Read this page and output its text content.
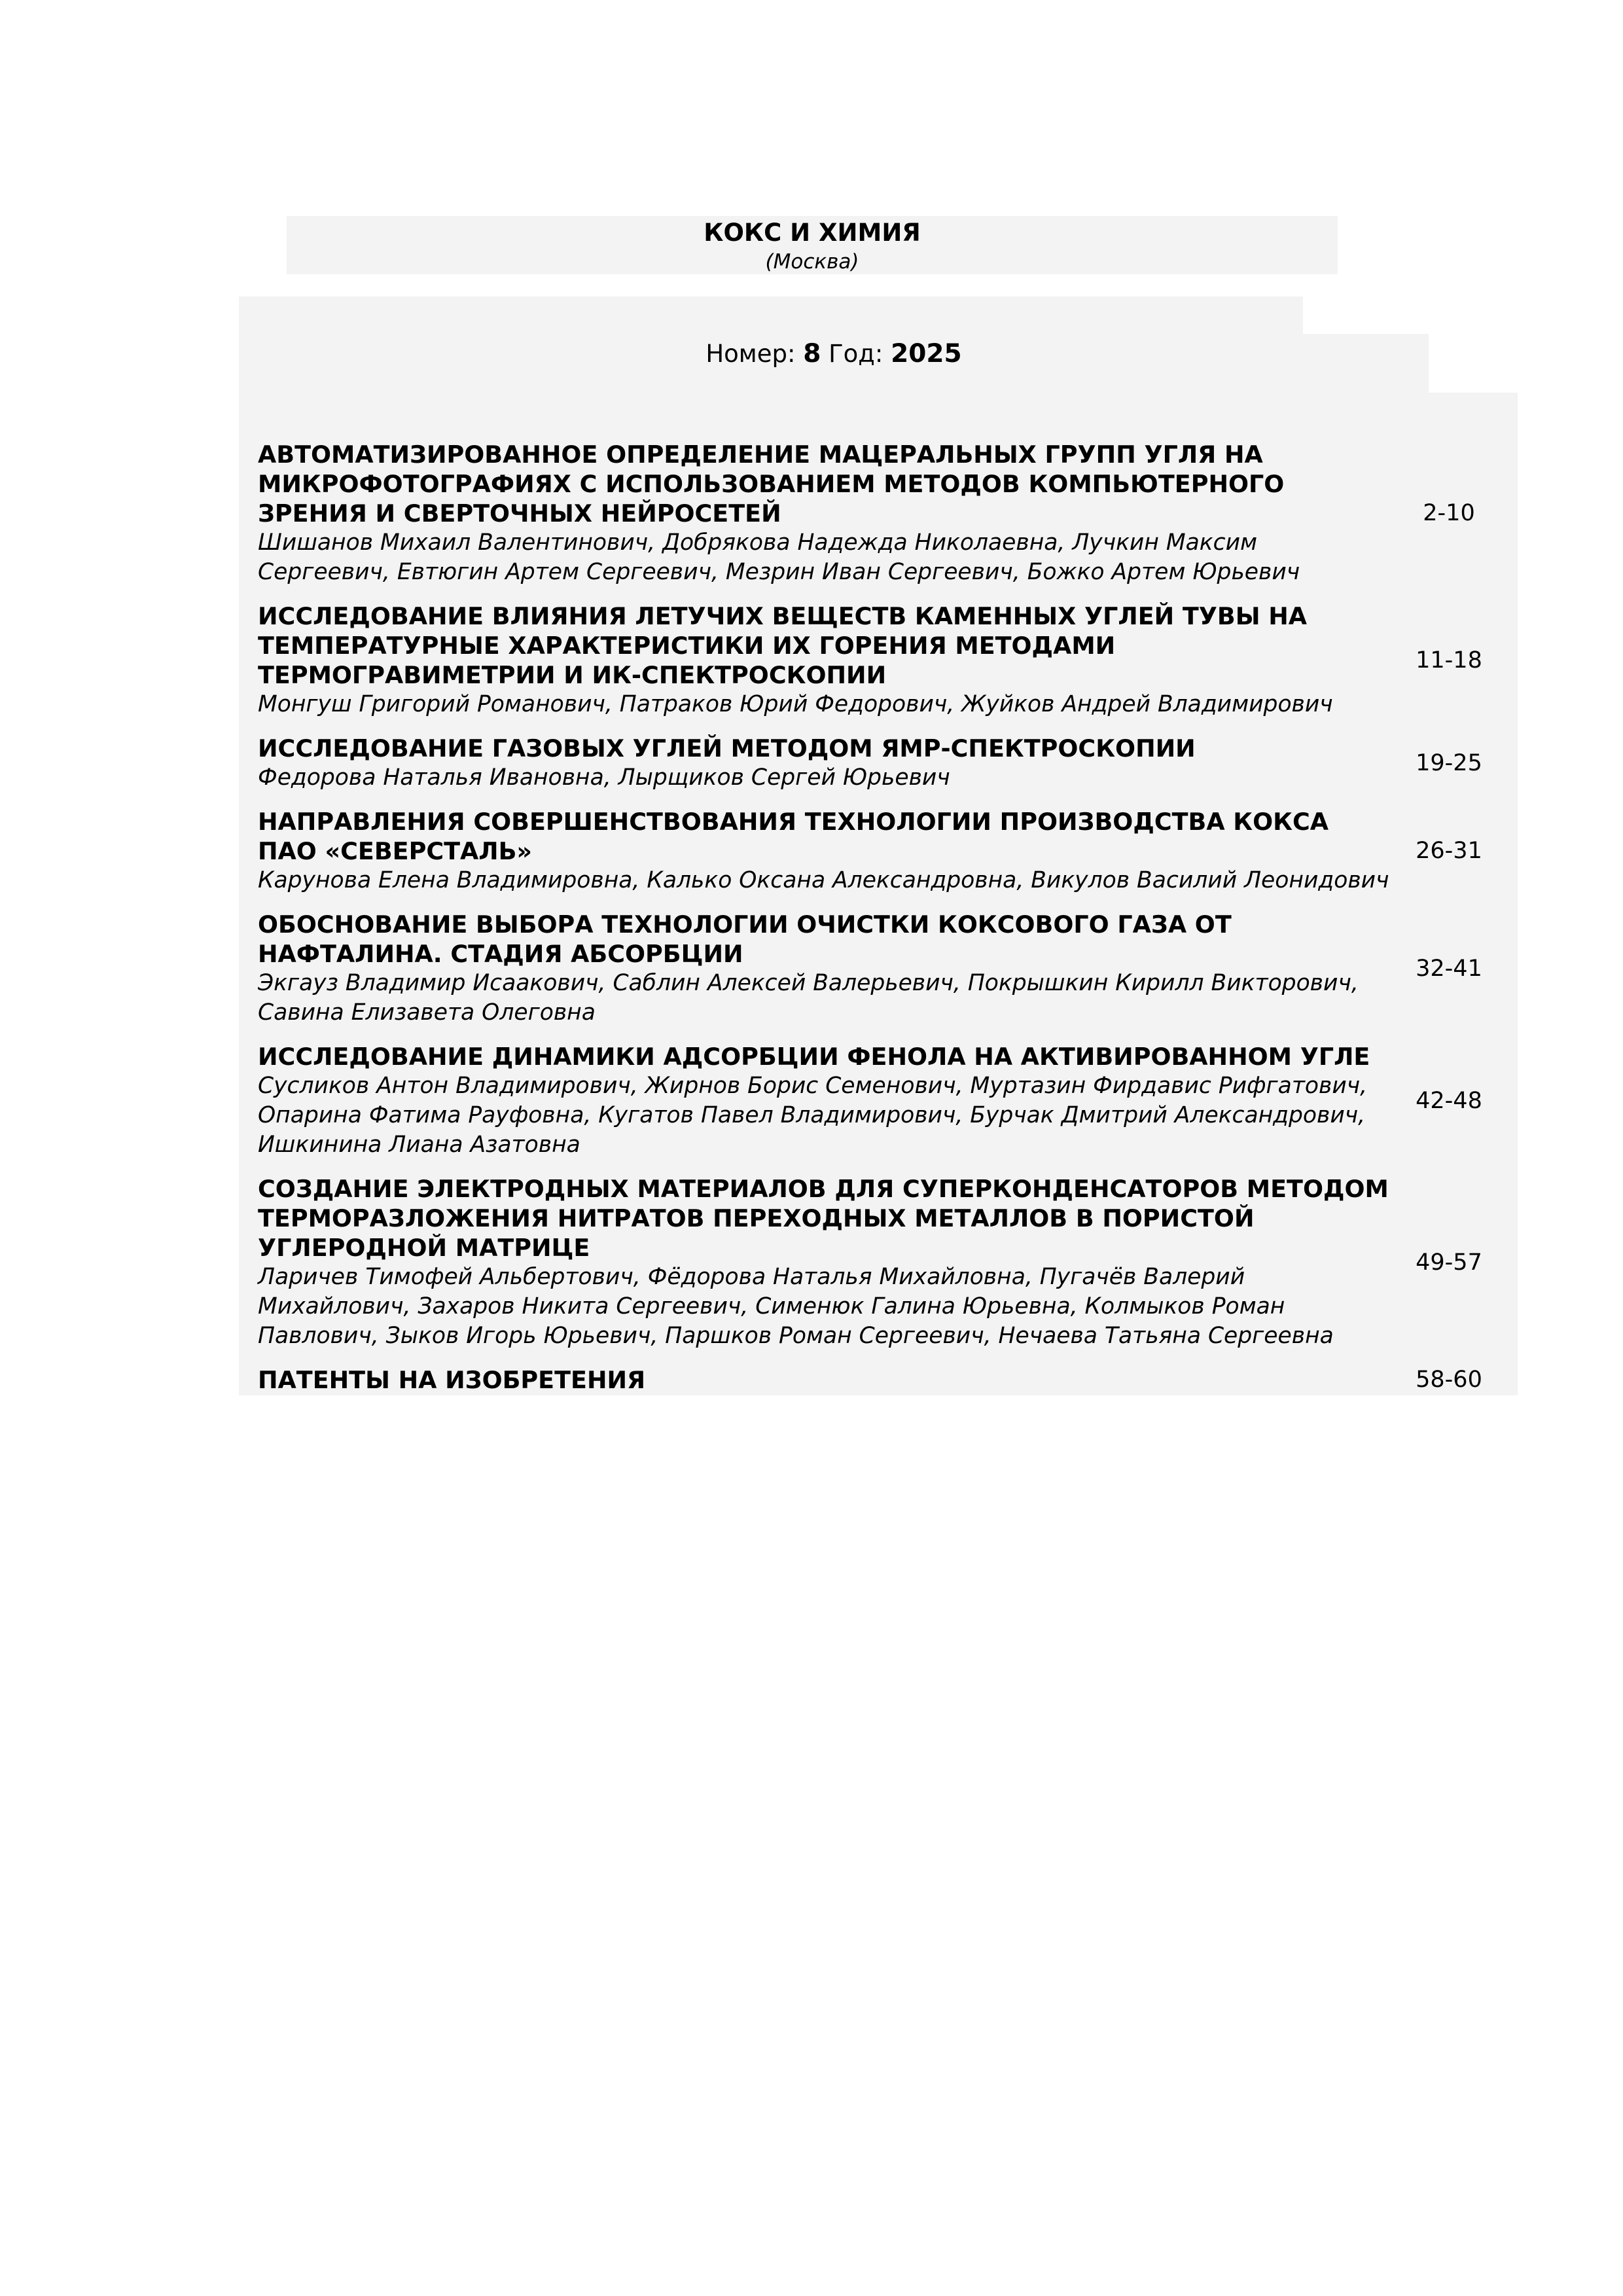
КОКС И ХИМИЯ
(Москва)
Номер: 8 Год: 2025
АВТОМАТИЗИРОВАННОЕ ОПРЕДЕЛЕНИЕ МАЦЕРАЛЬНЫХ ГРУПП УГЛЯ НА МИКРОФОТОГРАФИЯХ С ИСПОЛЬЗОВАНИЕМ МЕТОДОВ КОМПЬЮТЕРНОГО ЗРЕНИЯ И СВЕРТОЧНЫХ НЕЙРОСЕТЕЙ
Шишанов Михаил Валентинович, Добрякова Надежда Николаевна, Лучкин Максим Сергеевич, Евтюгин Артем Сергеевич, Мезрин Иван Сергеевич, Божко Артем Юрьевич
2-10
ИССЛЕДОВАНИЕ ВЛИЯНИЯ ЛЕТУЧИХ ВЕЩЕСТВ КАМЕННЫХ УГЛЕЙ ТУВЫ НА ТЕМПЕРАТУРНЫЕ ХАРАКТЕРИСТИКИ ИХ ГОРЕНИЯ МЕТОДАМИ ТЕРМОГРАВИМЕТРИИ И ИК-СПЕКТРОСКОПИИ
Монгуш Григорий Романович, Патраков Юрий Федорович, Жуйков Андрей Владимирович
11-18
ИССЛЕДОВАНИЕ ГАЗОВЫХ УГЛЕЙ МЕТОДОМ ЯМР-СПЕКТРОСКОПИИ
Федорова Наталья Ивановна, Лырщиков Сергей Юрьевич
19-25
НАПРАВЛЕНИЯ СОВЕРШЕНСТВОВАНИЯ ТЕХНОЛОГИИ ПРОИЗВОДСТВА КОКСА ПАО «СЕВЕРСТАЛЬ»
Карунова Елена Владимировна, Калько Оксана Александровна, Викулов Василий Леонидович
26-31
ОБОСНОВАНИЕ ВЫБОРА ТЕХНОЛОГИИ ОЧИСТКИ КОКСОВОГО ГАЗА ОТ НАФТАЛИНА. СТАДИЯ АБСОРБЦИИ
Экгауз Владимир Исаакович, Саблин Алексей Валерьевич, Покрышкин Кирилл Викторович, Савина Елизавета Олеговна
32-41
ИССЛЕДОВАНИЕ ДИНАМИКИ АДСОРБЦИИ ФЕНОЛА НА АКТИВИРОВАННОМ УГЛЕ
Сусликов Антон Владимирович, Жирнов Борис Семенович, Муртазин Фирдавис Рифгатович, Опарина Фатима Рауфовна, Кугатов Павел Владимирович, Бурчак Дмитрий Александрович, Ишкинина Лиана Азатовна
42-48
СОЗДАНИЕ ЭЛЕКТРОДНЫХ МАТЕРИАЛОВ ДЛЯ СУПЕРКОНДЕНСАТОРОВ МЕТОДОМ ТЕРМОРАЗЛОЖЕНИЯ НИТРАТОВ ПЕРЕХОДНЫХ МЕТАЛЛОВ В ПОРИСТОЙ УГЛЕРОДНОЙ МАТРИЦЕ
Ларичев Тимофей Альбертович, Фёдорова Наталья Михайловна, Пугачёв Валерий Михайлович, Захаров Никита Сергеевич, Сименюк Галина Юрьевна, Колмыков Роман Павлович, Зыков Игорь Юрьевич, Паршков Роман Сергеевич, Нечаева Татьяна Сергеевна
49-57
ПАТЕНТЫ НА ИЗОБРЕТЕНИЯ	58-60
